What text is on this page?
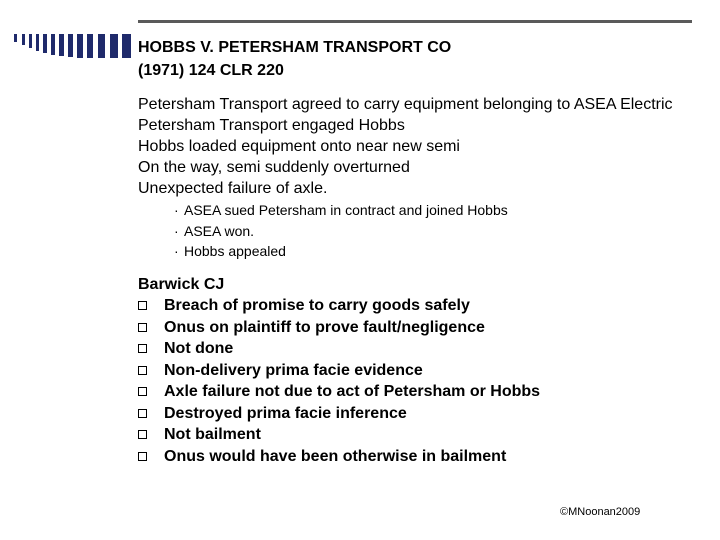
HOBBS V. PETERSHAM TRANSPORT CO
(1971) 124 CLR 220
Petersham Transport agreed to carry equipment belonging to ASEA Electric
Petersham Transport engaged Hobbs
Hobbs loaded equipment onto near new semi
On the way, semi suddenly overturned
Unexpected failure of axle.
· ASEA sued Petersham in contract and joined Hobbs
· ASEA won.
· Hobbs appealed

Barwick CJ

Breach of promise to carry goods safely
Onus on plaintiff to prove fault/negligence
Not done
Non-delivery prima facie evidence
Axle failure not due to act of Petersham or Hobbs
Destroyed prima facie inference
Not bailment
Onus would have been otherwise in bailment
©MNoonan2009
